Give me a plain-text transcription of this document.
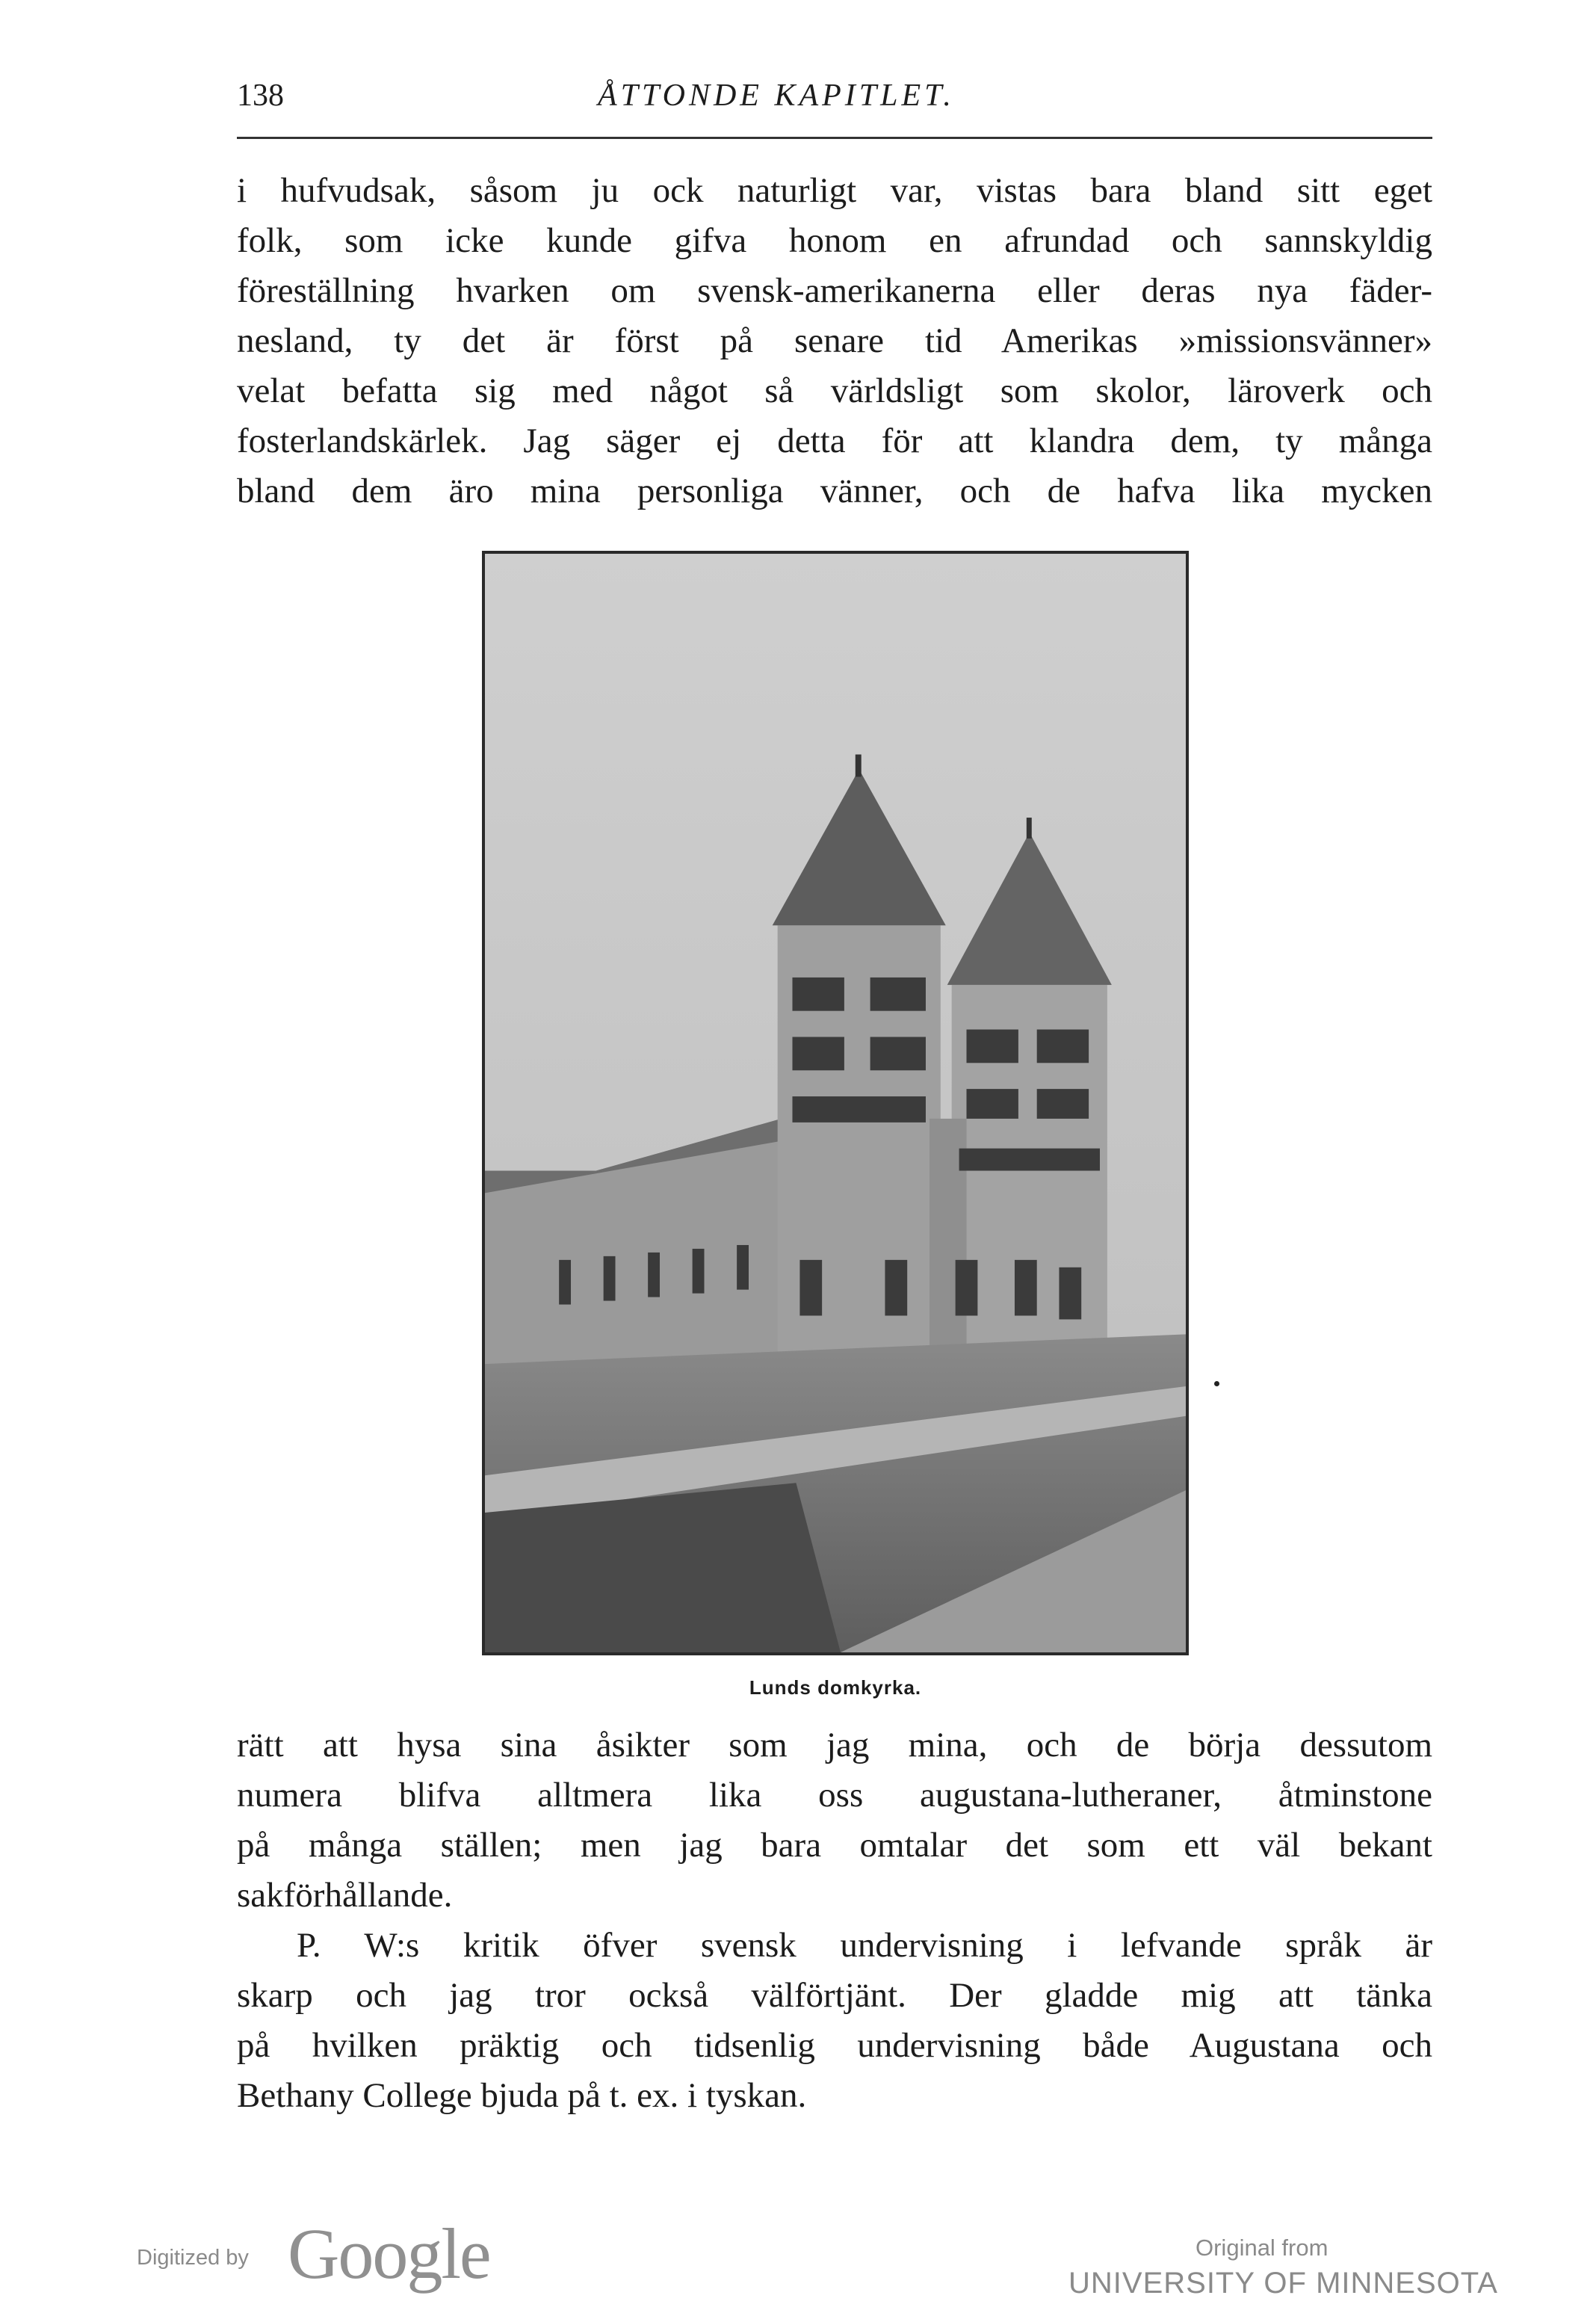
138	ÅTTONDE KAPITLET.
i hufvudsak, såsom ju ock naturligt var, vistas bara bland sitt eget
folk, som icke kunde gifva honom en afrundad och sannskyldig
föreställning hvarken om svensk-amerikanerna eller deras nya fäder-
nesland, ty det är först på senare tid Amerikas »missionsvänner»
velat befatta sig med något så världsligt som skolor, läroverk och
fosterlandskärlek. Jag säger ej detta för att klandra dem, ty många
bland dem äro mina personliga vänner, och de hafva lika mycken
Lunds domkyrka.
rätt att hysa sina åsikter som jag mina, och de börja dessutom
numera blifva alltmera lika oss augustana-lutheraner, åtminstone
på många ställen; men jag bara omtalar det som ett väl bekant
sakförhållande.
P. W:s kritik öfver svensk undervisning i lefvande språk är
skarp och jag tror också välförtjänt. Der gladde mig att tänka
på hvilken präktig och tidsenlig undervisning både Augustana och
Bethany College bjuda på t. ex. i tyskan.
Digitized by Google	Original from
UNIVERSITY OF MINNESOTA
